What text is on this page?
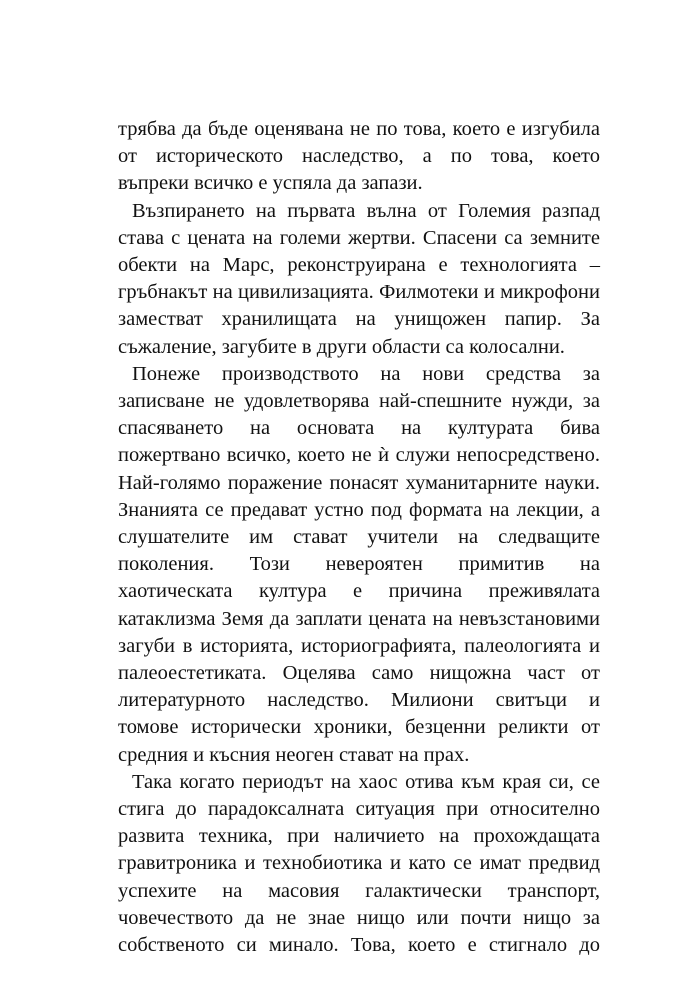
трябва да бъде оценявана не по това, което е изгубила
от историческото наследство, а по това, което
въпреки всичко е успяла да запази.
Възпирането на първата вълна от Големия разпад
става с цената на големи жертви. Спасени са земните
обекти на Марс, реконструирана е технологията –
гръбнакът на цивилизацията. Филмотеки и микрофони
заместват хранилищата на унищожен папир. За
съжаление, загубите в други области са колосални.
Понеже производството на нови средства за
записване не удовлетворява най-спешните нужди, за
спасяването на основата на културата бива
пожертвано всичко, което не ѝ служи непосредствено.
Най-голямо поражение понасят хуманитарните науки.
Знанията се предават устно под формата на лекции, а
слушателите им стават учители на следващите
поколения. Този невероятен примитив на
хаотическата култура е причина преживялата
катаклизма Земя да заплати цената на невъзстановими
загуби в историята, историографията, палеологията и
палеоестетиката. Оцелява само нищожна част от
литературното наследство. Милиони свитъци и
томове исторически хроники, безценни реликти от
средния и късния неоген стават на прах.
Така когато периодът на хаос отива към края си, се
стига до парадоксалната ситуация при относително
развита техника, при наличието на прохождащата
гравитроника и технобиотика и като се имат предвид
успехите на масовия галактически транспорт,
човечеството да не знае нищо или почти нищо за
собственото си минало. Това, което е стигнало до
